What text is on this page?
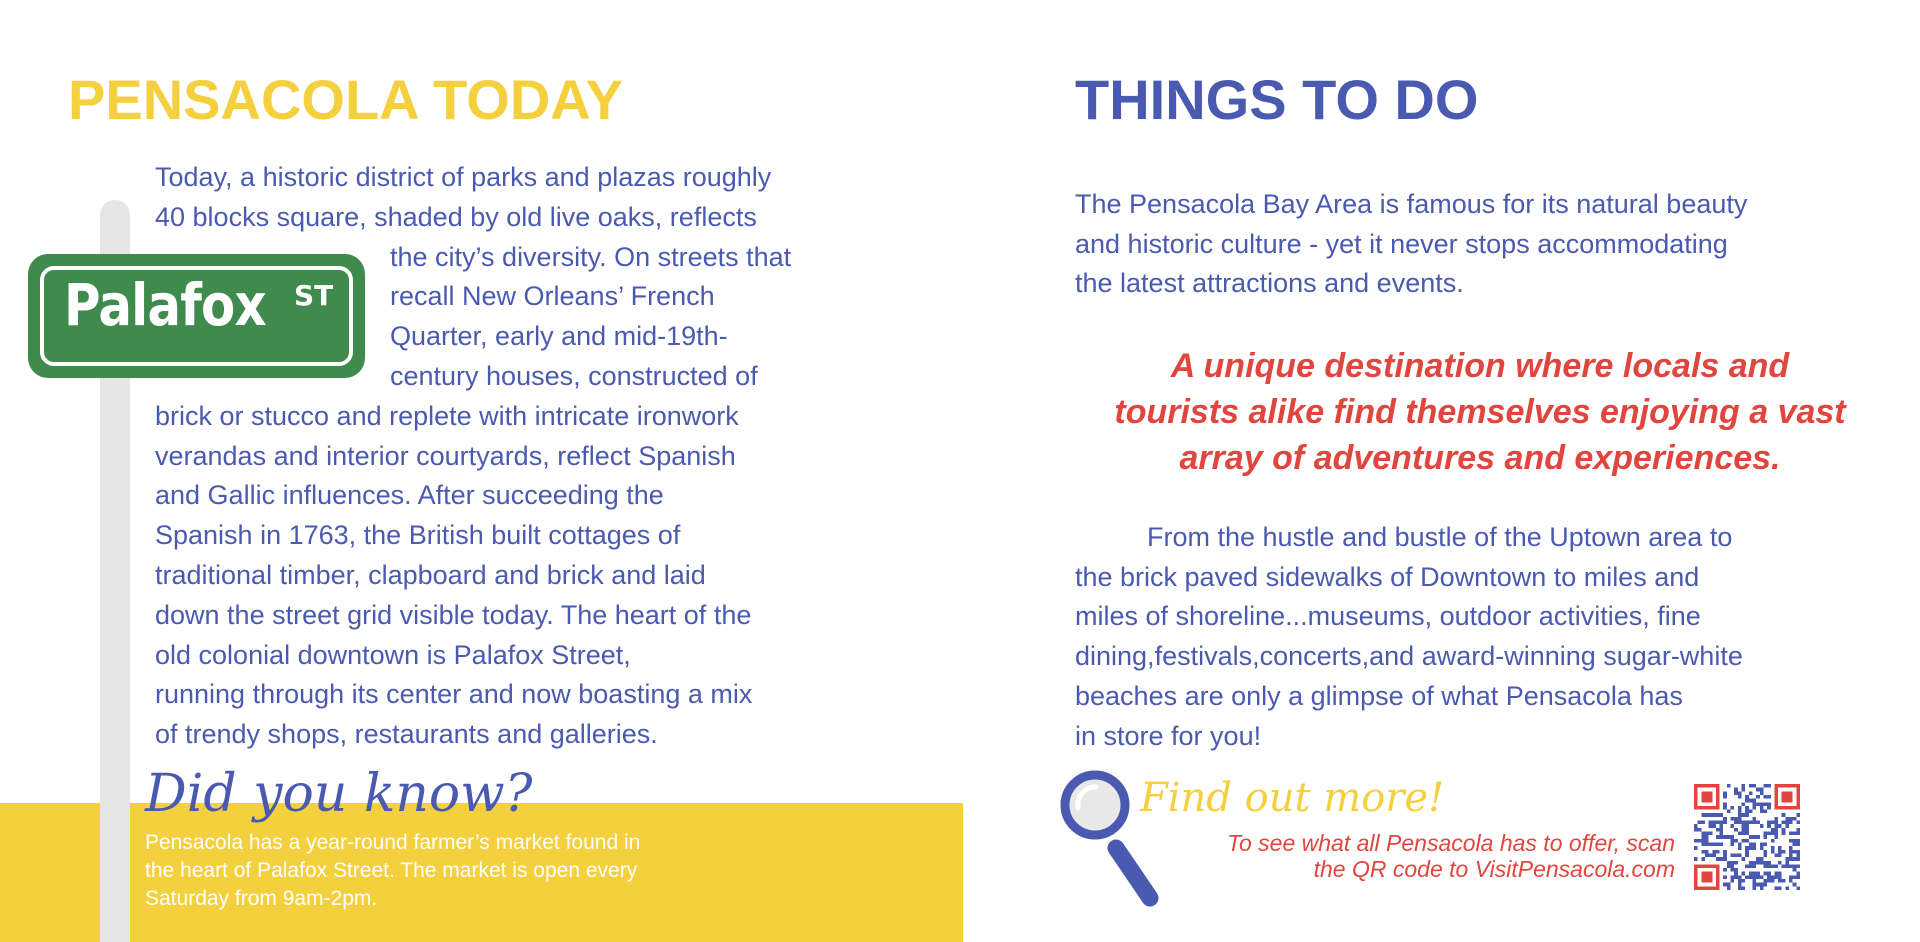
PENSACOLA TODAY
Palafox ST

Today, a historic district of parks and plazas roughly
40 blocks square, shaded by old live oaks, reflects
the city’s diversity. On streets that
recall New Orleans’ French
Quarter, early and mid-19th-
century houses, constructed of
brick or stucco and replete with intricate ironwork
verandas and interior courtyards, reflect Spanish
and Gallic influences. After succeeding the
Spanish in 1763, the British built cottages of
traditional timber, clapboard and brick and laid
down the street grid visible today. The heart of the
old colonial downtown is Palafox Street,
running through its center and now boasting a mix
of trendy shops, restaurants and galleries.

Did you know?

Pensacola has a year-round farmer’s market found in
the heart of Palafox Street. The market is open every
Saturday from 9am-2pm.

THINGS TO DO

The Pensacola Bay Area is famous for its natural beauty
and historic culture - yet it never stops accommodating
the latest attractions and events.

A unique destination where locals and
tourists alike find themselves enjoying a vast
array of adventures and experiences.

From the hustle and bustle of the Uptown area to
the brick paved sidewalks of Downtown to miles and
miles of shoreline...museums, outdoor activities, fine
dining,festivals,concerts,and award-winning sugar-white
beaches are only a glimpse of what Pensacola has
in store for you!

Find out more!

To see what all Pensacola has to offer, scan
the QR code to VisitPensacola.com
